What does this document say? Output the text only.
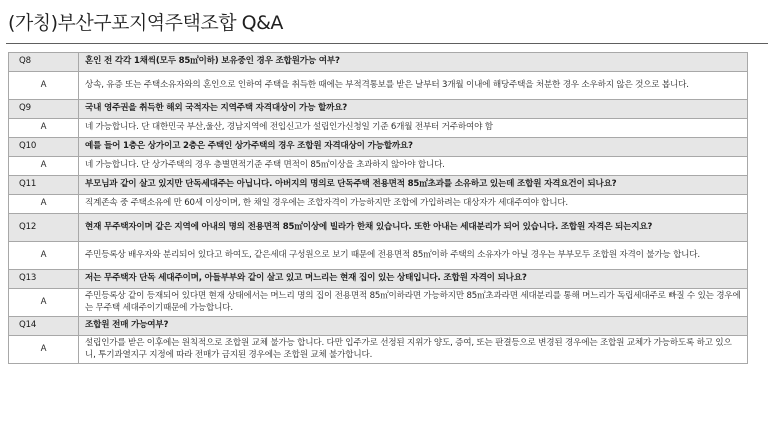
(가칭)부산구포지역주택조합 Q&A
Q8	혼인 전 각각 1채씩(모두 85㎡이하) 보유중인 경우 조합원가능 여부?
A	상속, 유증 또는 주택소유자와의 혼인으로 인하여 주택을 취득한 때에는 부적격통보를 받은 날부터 3개월 이내에 해당주택을 처분한 경우 소우하지 않은 것으로 봅니다.
Q9	국내 영주권을 취득한 해외 국적자는 지역주택 자격대상이 가능 할까요?
A	네 가능합니다. 단 대한민국 부산,울산, 경남지역에 전입신고가 설립인가신청일 기준 6개월 전부터 거주하여야 함
Q10	예를 들어 1층은 상가이고 2층은 주택인 상가주택의 경우 조합원 자격대상이 가능할까요?
A	네 가능합니다. 단 상가주택의 경우 층별면적기준 주택 면적이 85㎡이상을 초과하지 않아야 합니다.
Q11	부모님과 같이 살고 있지만 단독세대주는 아닙니다. 아버지의 명의로 단독주택 전용면적 85㎡초과를 소유하고 있는데 조합원 자격요건이 되나요?
A	직계존속 중 주택소유에 만 60세 이상이며, 한 채일 경우에는 조합자격이 가능하지만 조합에 가입하려는 대상자가 세대주여야 합니다.
Q12	현재 무주택자이며 같은 지역에 아내의 명의 전용면적 85㎡이상에 빌라가 한채 있습니다. 또한 아내는 세대분리가 되어 있습니다. 조합원 자격은 되는지요?
A	주민등록상 배우자와 분리되어 있다고 하여도, 같은세대 구성원으로 보기 때문에 전용면적 85㎡이하 주택의 소유자가 아닐 경우는 부부모두 조합원 자격이 불가능 합니다.
Q13	저는 무주택자 단독 세대주이며, 아들부부와 같이 살고 있고 며느리는 현재 집이 있는 상태입니다. 조합원 자격이 되나요?
A	주민등록상 같이 등재되어 있다면 현재 상태에서는 며느리 명의 집이 전용면적 85㎡이하라면 가능하지만 85㎡초과라면 세대분리를 통해 며느리가 독립세대주로 빠질 수 있는 경우에는 무주택 세대주이기때문에 가능합니다.
Q14	조합원 전매 가능여부?
A	설립인가를 받은 이후에는 원칙적으로 조합원 교체 불가능 합니다. 다만 입주가로 선정된 지위가 양도, 증여, 또는 판결등으로 변경된 경우에는 조합원 교체가 가능하도록 하고 있으니, 투기과열지구 지정에 따라 전매가 금지된 경우에는 조합원 교체 불가합니다.
